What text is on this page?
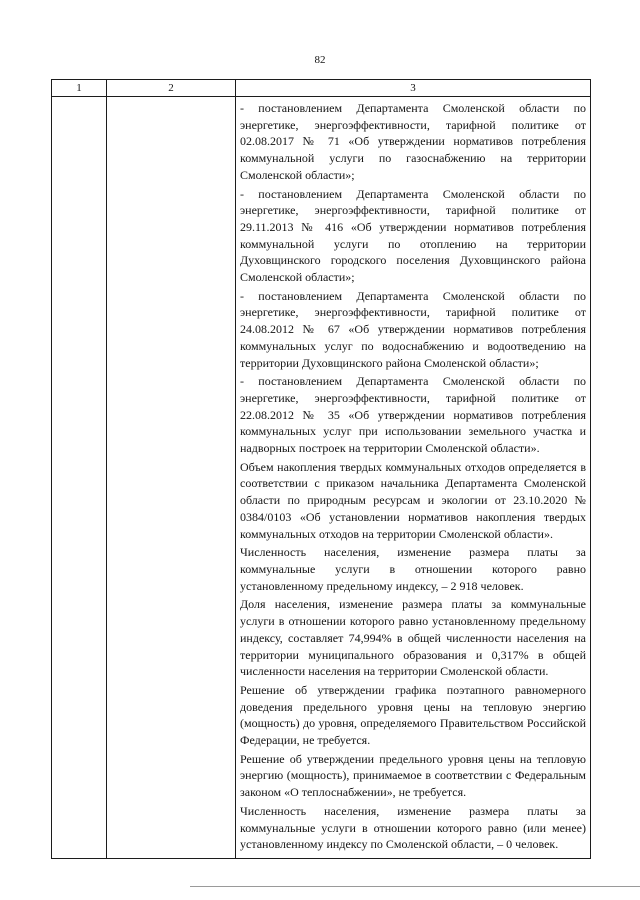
82
1	2	3

- постановлением Департамента Смоленской области по энергетике, энергоэффективности, тарифной политике от 02.08.2017 № 71 «Об утверждении нормативов потребления коммунальной услуги по газоснабжению на территории Смоленской области»;

- постановлением Департамента Смоленской области по энергетике, энергоэффективности, тарифной политике от 29.11.2013 № 416 «Об утверждении нормативов потребления коммунальной услуги по отоплению на территории Духовщинского городского поселения Духовщинского района Смоленской области»;

- постановлением Департамента Смоленской области по энергетике, энергоэффективности, тарифной политике от 24.08.2012 № 67 «Об утверждении нормативов потребления коммунальных услуг по водоснабжению и водоотведению на территории Духовщинского района Смоленской области»;

- постановлением Департамента Смоленской области по энергетике, энергоэффективности, тарифной политике от 22.08.2012 № 35 «Об утверждении нормативов потребления коммунальных услуг при использовании земельного участка и надворных построек на территории Смоленской области».

Объем накопления твердых коммунальных отходов определяется в соответствии с приказом начальника Департамента Смоленской области по природным ресурсам и экологии от 23.10.2020 № 0384/0103 «Об установлении нормативов накопления твердых коммунальных отходов на территории Смоленской области».

Численность населения, изменение размера платы за коммунальные услуги в отношении которого равно установленному предельному индексу, – 2 918 человек.

Доля населения, изменение размера платы за коммунальные услуги в отношении которого равно установленному предельному индексу, составляет 74,994% в общей численности населения на территории муниципального образования и 0,317% в общей численности населения на территории Смоленской области.

Решение об утверждении графика поэтапного равномерного доведения предельного уровня цены на тепловую энергию (мощность) до уровня, определяемого Правительством Российской Федерации, не требуется.

Решение об утверждении предельного уровня цены на тепловую энергию (мощность), принимаемое в соответствии с Федеральным законом «О теплоснабжении», не требуется.

Численность населения, изменение размера платы за коммунальные услуги в отношении которого равно (или менее) установленному индексу по Смоленской области, – 0 человек.
